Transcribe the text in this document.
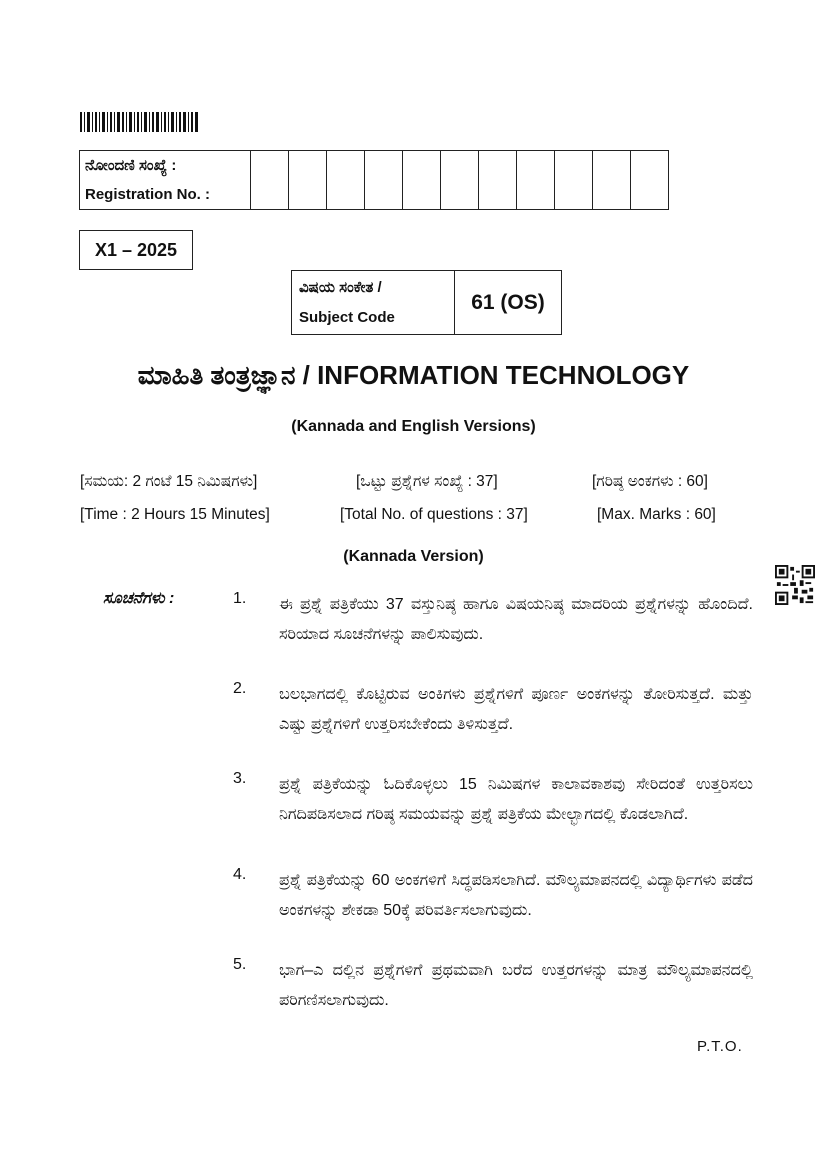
ನೋಂದಣಿ ಸಂಖ್ಯೆ :
Registration No. :

X1 – 2025
ವಿಷಯ ಸಂಕೇತ /
Subject Code
	61 (OS)
ಮಾಹಿತಿ ತಂತ್ರಜ್ಞಾನ / INFORMATION TECHNOLOGY
(Kannada and English Versions)
[ಸಮಯ: 2 ಗಂಟೆ 15 ನಿಮಿಷಗಳು]	[ಒಟ್ಟು ಪ್ರಶ್ನೆಗಳ ಸಂಖ್ಯೆ : 37]	[ಗರಿಷ್ಠ ಅಂಕಗಳು : 60]
[Time : 2 Hours 15 Minutes]	[Total No. of questions : 37]	[Max. Marks : 60]
(Kannada Version)
ಸೂಚನೆಗಳು :	1.	ಈ ಪ್ರಶ್ನೆ ಪತ್ರಿಕೆಯು 37 ವಸ್ತುನಿಷ್ಠ ಹಾಗೂ ವಿಷಯನಿಷ್ಠ ಮಾದರಿಯ ಪ್ರಶ್ನೆಗಳನ್ನು ಹೊಂದಿದೆ. ಸರಿಯಾದ ಸೂಚನೆಗಳನ್ನು ಪಾಲಿಸುವುದು.
2.	ಬಲಭಾಗದಲ್ಲಿ ಕೊಟ್ಟಿರುವ ಅಂಕಿಗಳು ಪ್ರಶ್ನೆಗಳಿಗೆ ಪೂರ್ಣ ಅಂಕಗಳನ್ನು ತೋರಿಸುತ್ತದೆ. ಮತ್ತು ಎಷ್ಟು ಪ್ರಶ್ನೆಗಳಿಗೆ ಉತ್ತರಿಸಬೇಕೆಂದು ತಿಳಿಸುತ್ತದೆ.
3.	ಪ್ರಶ್ನೆ ಪತ್ರಿಕೆಯನ್ನು ಓದಿಕೊಳ್ಳಲು 15 ನಿಮಿಷಗಳ ಕಾಲಾವಕಾಶವು ಸೇರಿದಂತೆ ಉತ್ತರಿಸಲು ನಿಗದಿಪಡಿಸಲಾದ ಗರಿಷ್ಠ ಸಮಯವನ್ನು ಪ್ರಶ್ನೆ ಪತ್ರಿಕೆಯ ಮೇಲ್ಭಾಗದಲ್ಲಿ ಕೊಡಲಾಗಿದೆ.
4.	ಪ್ರಶ್ನೆ ಪತ್ರಿಕೆಯನ್ನು 60 ಅಂಕಗಳಿಗೆ ಸಿದ್ಧಪಡಿಸಲಾಗಿದೆ. ಮೌಲ್ಯಮಾಪನದಲ್ಲಿ ವಿದ್ಯಾರ್ಥಿಗಳು ಪಡೆದ ಅಂಕಗಳನ್ನು ಶೇಕಡಾ 50ಕ್ಕೆ ಪರಿವರ್ತಿಸಲಾಗುವುದು.
5.	ಭಾಗ–ಎ ದಲ್ಲಿನ ಪ್ರಶ್ನೆಗಳಿಗೆ ಪ್ರಥಮವಾಗಿ ಬರೆದ ಉತ್ತರಗಳನ್ನು ಮಾತ್ರ ಮೌಲ್ಯಮಾಪನದಲ್ಲಿ ಪರಿಗಣಿಸಲಾಗುವುದು.
P.T.O.
